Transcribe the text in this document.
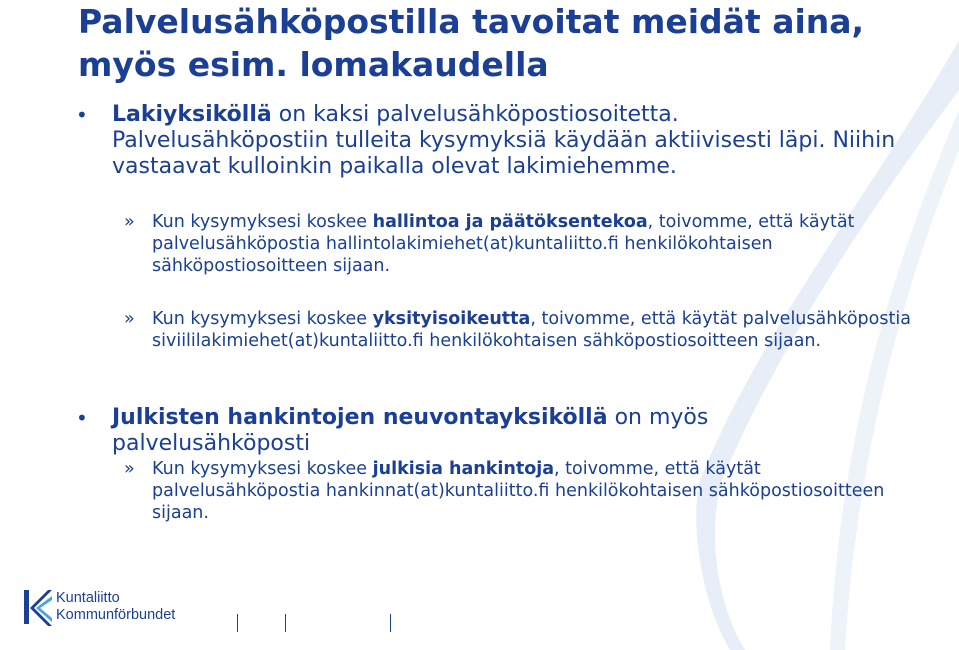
Palvelusähköpostilla tavoitat meidät aina, myös esim. lomakaudella
• Lakiyksiköllä on kaksi palvelusähköpostiosoitetta. Palvelusähköpostiin tulleita kysymyksiä käydään aktiivisesti läpi. Niihin vastaavat kulloinkin paikalla olevat lakimiehemme.
» Kun kysymyksesi koskee hallintoa ja päätöksentekoa, toivomme, että käytät palvelusähköpostia hallintolakimiehet(at)kuntaliitto.fi henkilökohtaisen sähköpostiosoitteen sijaan.
» Kun kysymyksesi koskee yksityisoikeutta, toivomme, että käytät palvelusähköpostia siviililakimiehet(at)kuntaliitto.fi henkilökohtaisen sähköpostiosoitteen sijaan.
• Julkisten hankintojen neuvontayksiköllä on myös palvelusähköposti
» Kun kysymyksesi koskee julkisia hankintoja, toivomme, että käytät palvelusähköpostia hankinnat(at)kuntaliitto.fi henkilökohtaisen sähköpostiosoitteen sijaan.
Kuntaliitto
Kommunförbundet
